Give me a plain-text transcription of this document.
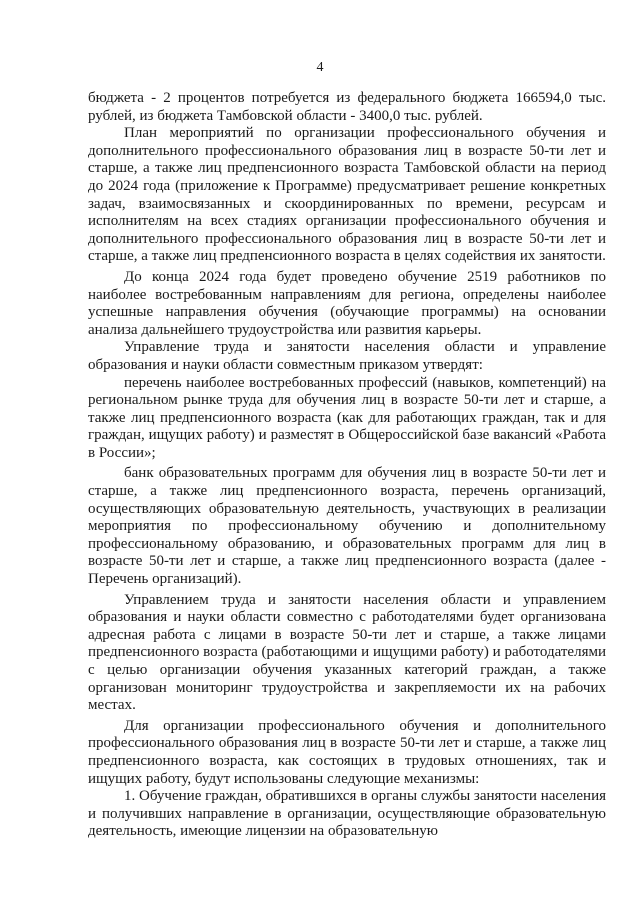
4

бюджета - 2 процентов потребуется из федерального бюджета 166594,0 тыс. рублей, из бюджета Тамбовской области - 3400,0 тыс. рублей.

План мероприятий по организации профессионального обучения и дополнительного профессионального образования лиц в возрасте 50-ти лет и старше, а также лиц предпенсионного возраста Тамбовской области на период до 2024 года (приложение к Программе) предусматривает решение конкретных задач, взаимосвязанных и скоординированных по времени, ресурсам и исполнителям на всех стадиях организации профессионального обучения и дополнительного профессионального образования лиц в возрасте 50-ти лет и старше, а также лиц предпенсионного возраста в целях содействия их занятости.

До конца 2024 года будет проведено обучение 2519 работников по наиболее востребованным направлениям для региона, определены наиболее успешные направления обучения (обучающие программы) на основании анализа дальнейшего трудоустройства или развития карьеры.

Управление труда и занятости населения области и управление образования и науки области совместным приказом утвердят:

перечень наиболее востребованных профессий (навыков, компетенций) на региональном рынке труда для обучения лиц в возрасте 50-ти лет и старше, а также лиц предпенсионного возраста (как для работающих граждан, так и для граждан, ищущих работу) и разместят в Общероссийской базе вакансий «Работа в России»;

банк образовательных программ для обучения лиц в возрасте 50-ти лет и старше, а также лиц предпенсионного возраста, перечень организаций, осуществляющих образовательную деятельность, участвующих в реализации мероприятия по профессиональному обучению и дополнительному профессиональному образованию, и образовательных программ для лиц в возрасте 50-ти лет и старше, а также лиц предпенсионного возраста (далее - Перечень организаций).

Управлением труда и занятости населения области и управлением образования и науки области совместно с работодателями будет организована адресная работа с лицами в возрасте 50-ти лет и старше, а также лицами предпенсионного возраста (работающими и ищущими работу) и работодателями с целью организации обучения указанных категорий граждан, а также организован мониторинг трудоустройства и закрепляемости их на рабочих местах.

Для организации профессионального обучения и дополнительного профессионального образования лиц в возрасте 50-ти лет и старше, а также лиц предпенсионного возраста, как состоящих в трудовых отношениях, так и ищущих работу, будут использованы следующие механизмы:

1. Обучение граждан, обратившихся в органы службы занятости населения и получивших направление в организации, осуществляющие образовательную деятельность, имеющие лицензии на образовательную
